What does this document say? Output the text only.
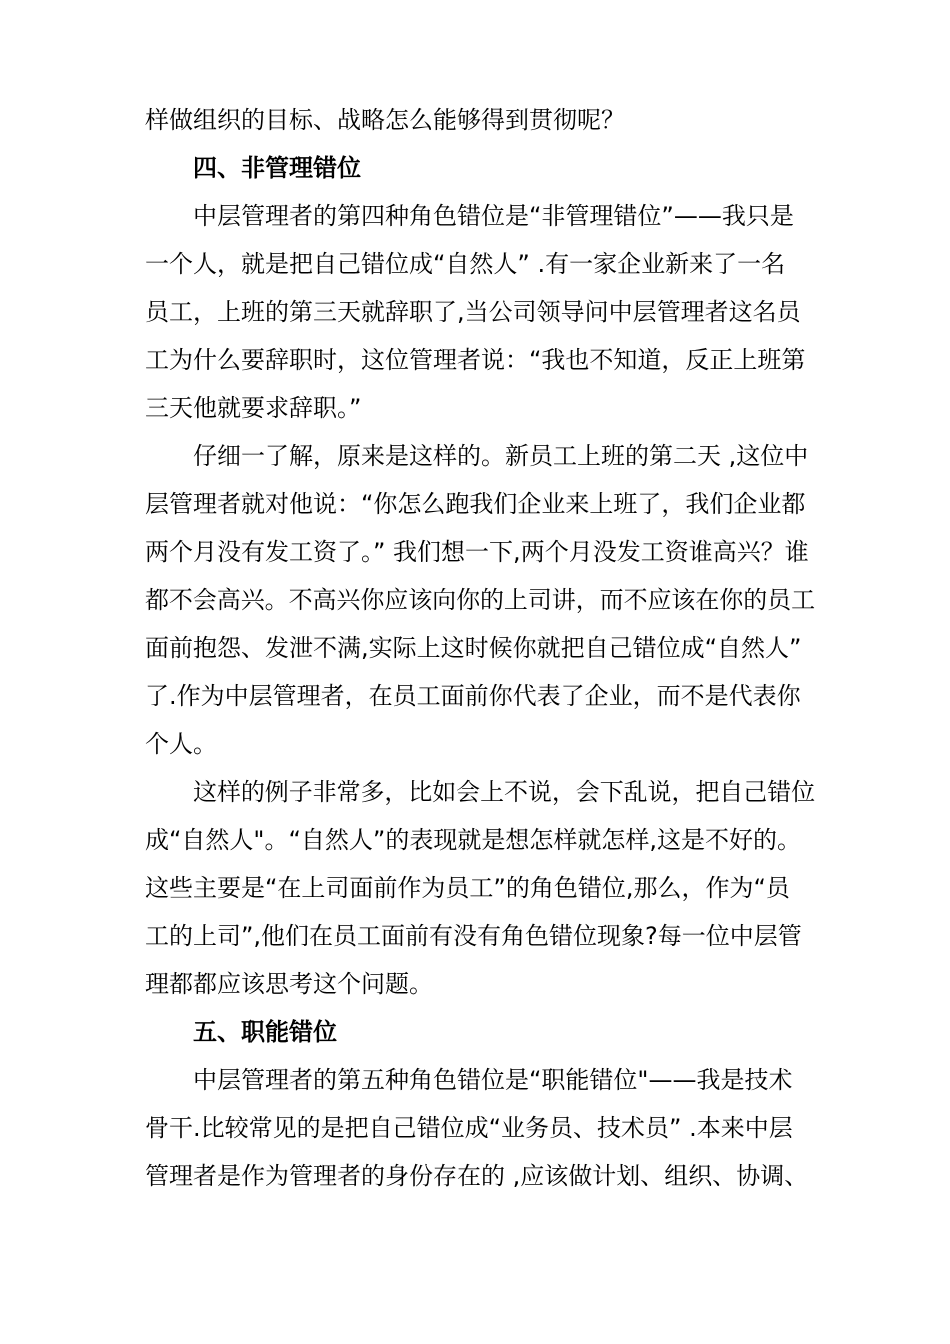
样做组织的目标、战略怎么能够得到贯彻呢？
四、非管理错位
中层管理者的第四种角色错位是“非管理错位”——我只是
一个人，就是把自己错位成“自然人” .有一家企业新来了一名
员工，上班的第三天就辞职了,当公司领导问中层管理者这名员
工为什么要辞职时，这位管理者说：“我也不知道，反正上班第
三天他就要求辞职。”
仔细一了解，原来是这样的。新员工上班的第二天 ,这位中
层管理者就对他说：“你怎么跑我们企业来上班了，我们企业都
两个月没有发工资了。” 我们想一下,两个月没发工资谁高兴？谁
都不会高兴。不高兴你应该向你的上司讲，而不应该在你的员工
面前抱怨、发泄不满,实际上这时候你就把自己错位成“自然人”
了.作为中层管理者，在员工面前你代表了企业，而不是代表你
个人。
这样的例子非常多，比如会上不说，会下乱说，把自己错位
成“自然人"。“自然人”的表现就是想怎样就怎样,这是不好的。
这些主要是“在上司面前作为员工”的角色错位,那么，作为“员
工的上司”,他们在员工面前有没有角色错位现象?每一位中层管
理都都应该思考这个问题。
五、职能错位
中层管理者的第五种角色错位是“职能错位"——我是技术
骨干.比较常见的是把自己错位成“业务员、技术员” .本来中层
管理者是作为管理者的身份存在的 ,应该做计划、组织、协调、
